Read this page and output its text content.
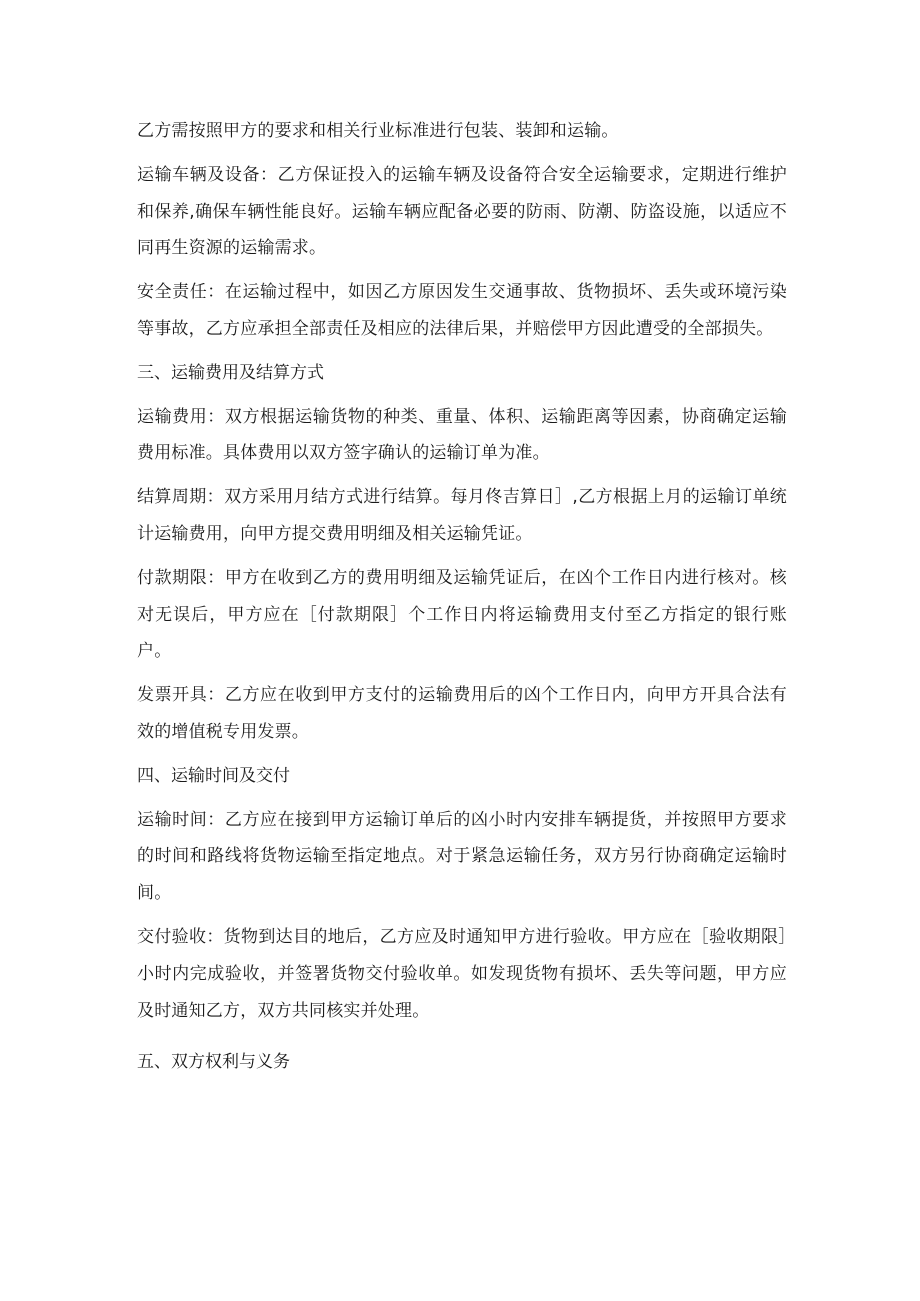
乙方需按照甲方的要求和相关行业标准进行包装、装卸和运输。

运输车辆及设备：乙方保证投入的运输车辆及设备符合安全运输要求，定期进行维护和保养,确保车辆性能良好。运输车辆应配备必要的防雨、防潮、防盗设施，以适应不同再生资源的运输需求。

安全责任：在运输过程中，如因乙方原因发生交通事故、货物损坏、丢失或环境污染等事故，乙方应承担全部责任及相应的法律后果，并赔偿甲方因此遭受的全部损失。

三、运输费用及结算方式

运输费用：双方根据运输货物的种类、重量、体积、运输距离等因素，协商确定运输费用标准。具体费用以双方签字确认的运输订单为准。

结算周期：双方采用月结方式进行结算。每月佟吉算日］,乙方根据上月的运输订单统计运输费用，向甲方提交费用明细及相关运输凭证。

付款期限：甲方在收到乙方的费用明细及运输凭证后，在凶个工作日内进行核对。核对无误后，甲方应在［付款期限］个工作日内将运输费用支付至乙方指定的银行账户。

发票开具：乙方应在收到甲方支付的运输费用后的凶个工作日内，向甲方开具合法有效的增值税专用发票。

四、运输时间及交付

运输时间：乙方应在接到甲方运输订单后的凶小时内安排车辆提货，并按照甲方要求的时间和路线将货物运输至指定地点。对于紧急运输任务，双方另行协商确定运输时间。

交付验收：货物到达目的地后，乙方应及时通知甲方进行验收。甲方应在［验收期限］小时内完成验收，并签署货物交付验收单。如发现货物有损坏、丢失等问题，甲方应及时通知乙方，双方共同核实并处理。

五、双方权利与义务
